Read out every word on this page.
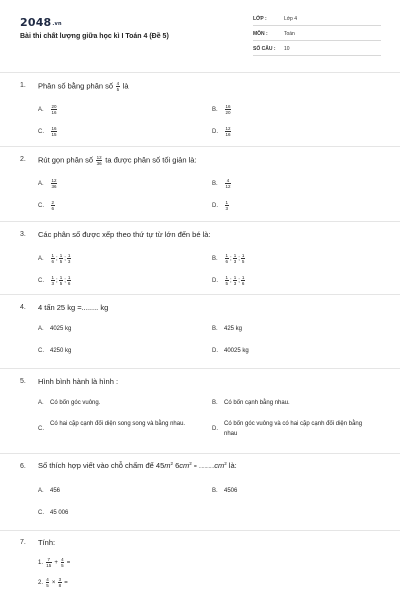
2048.vn
Bài thi chất lượng giữa học kì I Toán 4 (Đề 5)
LỚP :	Lớp 4
MÔN :	Toán
SỐ CÂU : 10
1. Phân số bằng phân số $\frac{4}{5}$ là
A. $\frac{20}{16}$	B. $\frac{16}{20}$
C. $\frac{16}{15}$	D. $\frac{12}{16}$
2. Rút gọn phân số $\frac{12}{36}$ ta được phân số tối giản là:
A. $\frac{12}{36}$	B. $\frac{4}{12}$
C. $\frac{2}{6}$	D. $\frac{1}{3}$
3. Các phân số được xếp theo thứ tự từ lớn đến bé là:
A. $\frac{1}{6}$ ; $\frac{1}{5}$ ; $\frac{1}{3}$	B. $\frac{1}{6}$ ; $\frac{1}{3}$ ; $\frac{1}{5}$
C. $\frac{1}{3}$ ; $\frac{1}{5}$ ; $\frac{1}{6}$	D. $\frac{1}{5}$ ; $\frac{1}{3}$ ; $\frac{1}{6}$
4. 4 tấn 25 kg =........ kg
A. 4025 kg	B. 425 kg
C. 4250 kg	D. 40025 kg
5. Hình bình hành là hình :
A. Có bốn góc vuông.	B. Có bốn cạnh bằng nhau.
C.
Có hai cặp cạnh đối diện song song và bằng nhau.
D.
Có bốn góc vuông và có hai cặp cạnh đối diện bằng nhau
6. Số thích hợp viết vào chỗ chấm để $45m^2$ $6cm^2 = ...........cm^2$ là:
A. 456	B. 4506
C. 45 006
7. Tính:
1. $\frac{7}{15} + \frac{4}{5}$ =
2. $\frac{4}{5} \times \frac{3}{8}$ =
